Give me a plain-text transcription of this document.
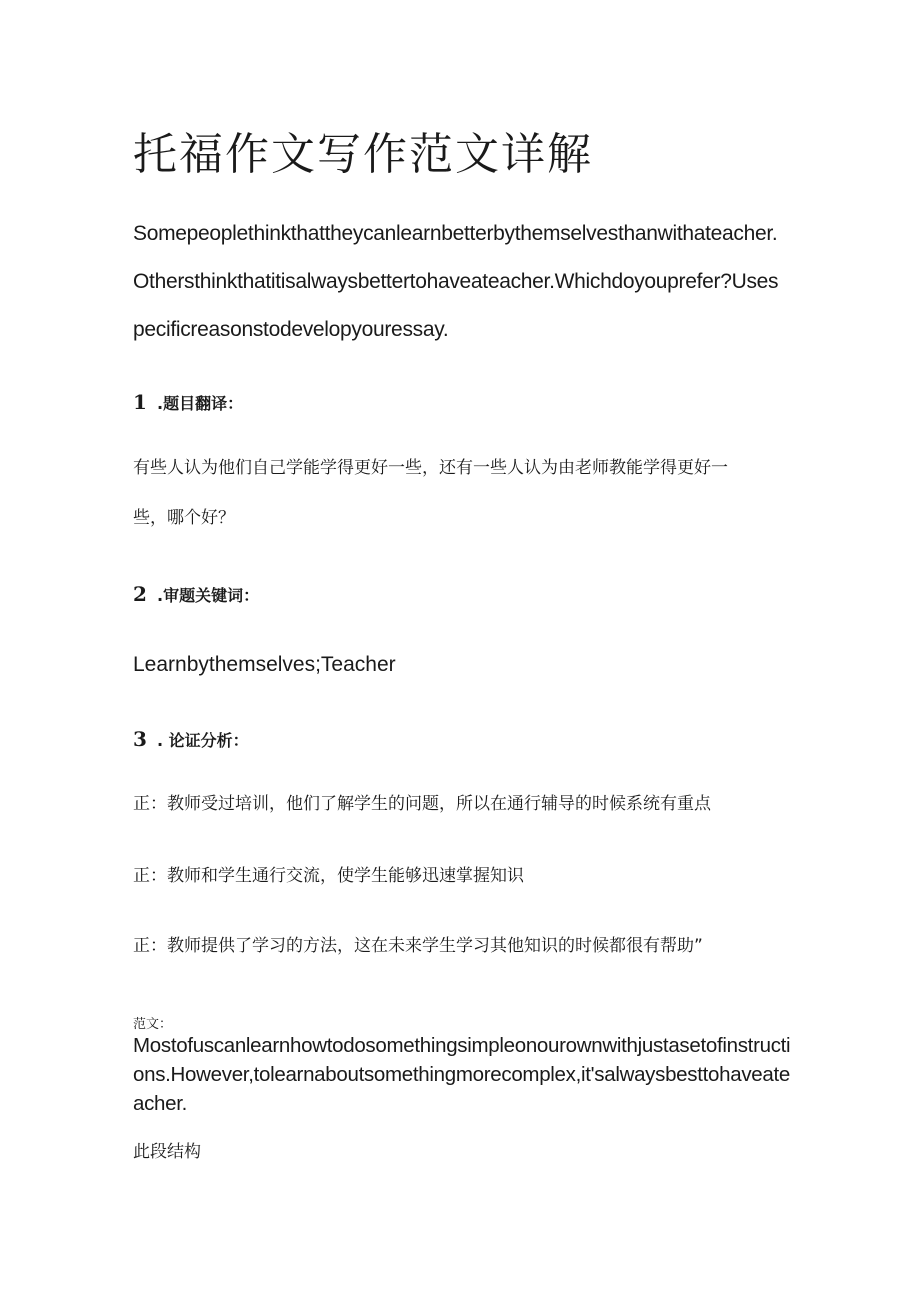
托福作文写作范文详解

Somepeoplethinkthattheycanlearnbetterbythemselvesthanwithateacher.Othersthinkthatitisalwaysbettertohaveateacher.Whichdoyouprefer?Usespecificreasonstodevelopyouressay.

1 .题目翻译：

有些人认为他们自己学能学得更好一些，还有一些人认为由老师教能学得更好一

些，哪个好？

2 .审题关键词：

Learnbythemselves;Teacher

3 . 论证分析：

正：教师受过培训，他们了解学生的问题，所以在通行辅导的时候系统有重点

正：教师和学生通行交流，使学生能够迅速掌握知识

正：教师提供了学习的方法，这在未来学生学习其他知识的时候都很有帮助”

范文：

Mostofuscanlearnhowtodosomethingsimpleonourownwithjustasetofinstructions.However,tolearnaboutsomethingmorecomplex,it'salwaysbesttohaveateacher.

此段结构
